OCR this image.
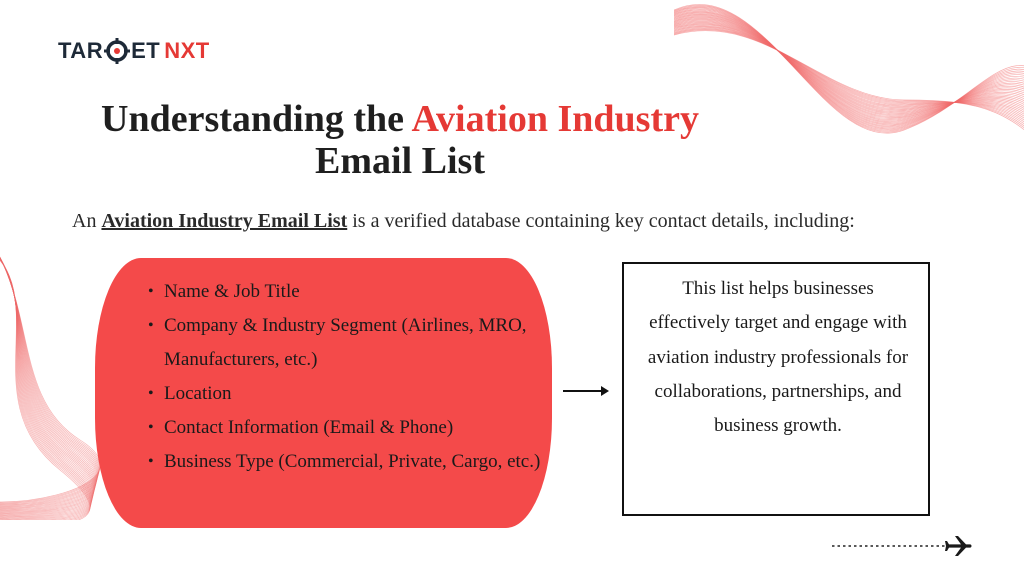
TAR ET NXT
Understanding the Aviation Industry
Email List
An Aviation Industry Email List is a verified database containing key contact details, including:
• Name & Job Title
• Company & Industry Segment (Airlines, MRO, Manufacturers, etc.)
• Location
• Contact Information (Email & Phone)
• Business Type (Commercial, Private, Cargo, etc.)
This list helps businesses effectively target and engage with aviation industry professionals for collaborations, partnerships, and business growth.
